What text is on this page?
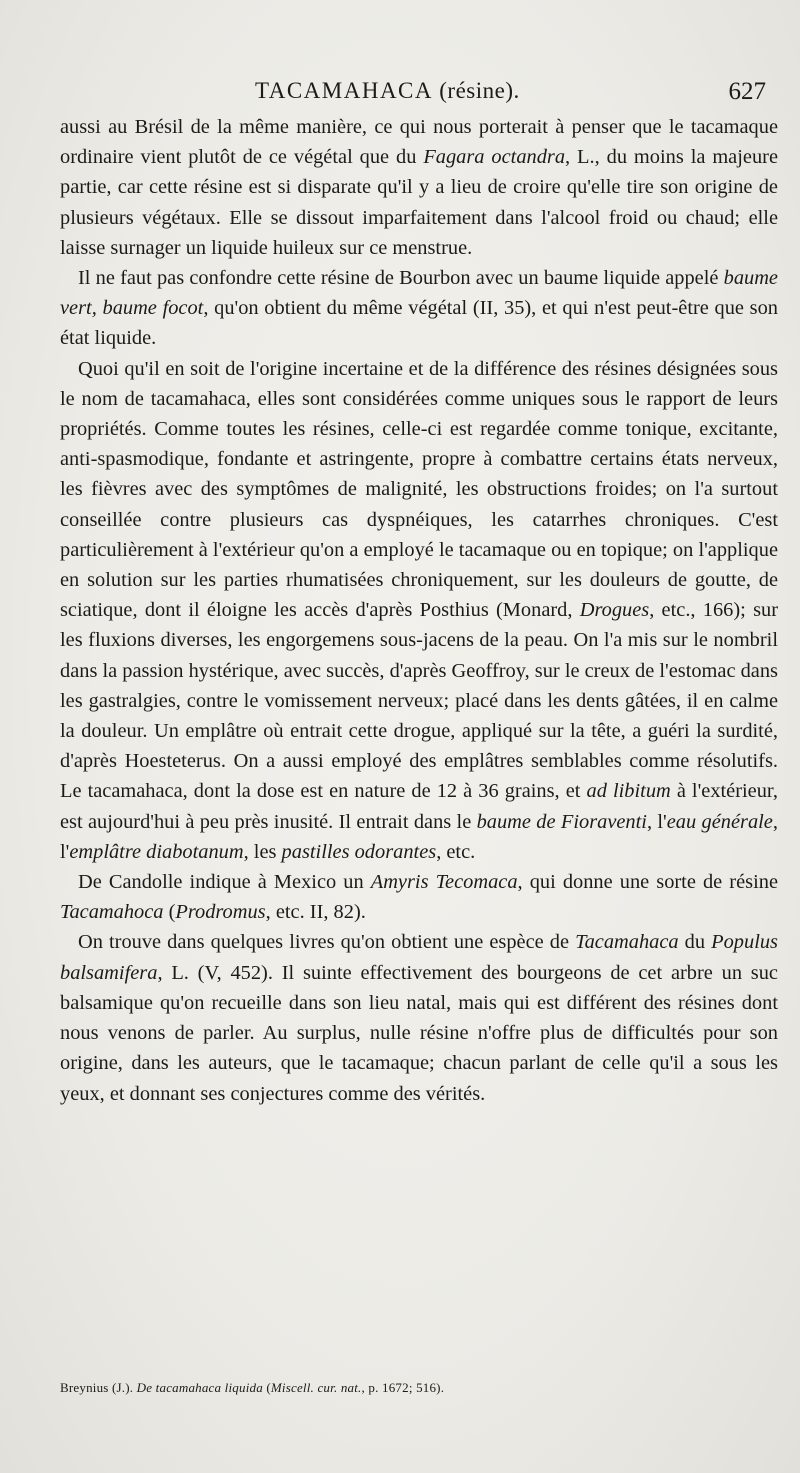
TACAMAHACA (résine).	627

aussi au Brésil de la même manière, ce qui nous porterait à penser que le tacamaque ordinaire vient plutôt de ce végétal que du Fagara octandra, L., du moins la majeure partie, car cette résine est si disparate qu'il y a lieu de croire qu'elle tire son origine de plusieurs végétaux. Elle se dissout imparfaitement dans l'alcool froid ou chaud; elle laisse surnager un liquide huileux sur ce menstrue.

Il ne faut pas confondre cette résine de Bourbon avec un baume liquide appelé baume vert, baume focot, qu'on obtient du même végétal (II, 35), et qui n'est peut-être que son état liquide.

Quoi qu'il en soit de l'origine incertaine et de la différence des résines désignées sous le nom de tacamahaca, elles sont considérées comme uniques sous le rapport de leurs propriétés. Comme toutes les résines, celle-ci est regardée comme tonique, excitante, anti-spasmodique, fondante et astringente, propre à combattre certains états nerveux, les fièvres avec des symptômes de malignité, les obstructions froides; on l'a surtout conseillée contre plusieurs cas dyspnéiques, les catarrhes chroniques. C'est particulièrement à l'extérieur qu'on a employé le tacamaque ou en topique; on l'applique en solution sur les parties rhumatisées chroniquement, sur les douleurs de goutte, de sciatique, dont il éloigne les accès d'après Posthius (Monard, Drogues, etc., 166); sur les fluxions diverses, les engorgemens sous-jacens de la peau. On l'a mis sur le nombril dans la passion hystérique, avec succès, d'après Geoffroy, sur le creux de l'estomac dans les gastralgies, contre le vomissement nerveux; placé dans les dents gâtées, il en calme la douleur. Un emplâtre où entrait cette drogue, appliqué sur la tête, a guéri la surdité, d'après Hoesteterus. On a aussi employé des emplâtres semblables comme résolutifs. Le tacamahaca, dont la dose est en nature de 12 à 36 grains, et ad libitum à l'extérieur, est aujourd'hui à peu près inusité. Il entrait dans le baume de Fioraventi, l'eau générale, l'emplâtre diabotanum, les pastilles odorantes, etc.

De Candolle indique à Mexico un Amyris Tecomaca, qui donne une sorte de résine Tacamahoca (Prodromus, etc. II, 82).

On trouve dans quelques livres qu'on obtient une espèce de Tacamahaca du Populus balsamifera, L. (V, 452). Il suinte effectivement des bourgeons de cet arbre un suc balsamique qu'on recueille dans son lieu natal, mais qui est différent des résines dont nous venons de parler. Au surplus, nulle résine n'offre plus de difficultés pour son origine, dans les auteurs, que le tacamaque; chacun parlant de celle qu'il a sous les yeux, et donnant ses conjectures comme des vérités.

Breynius (J.). De tacamahaca liquida (Miscell. cur. nat., p. 1672; 516).
